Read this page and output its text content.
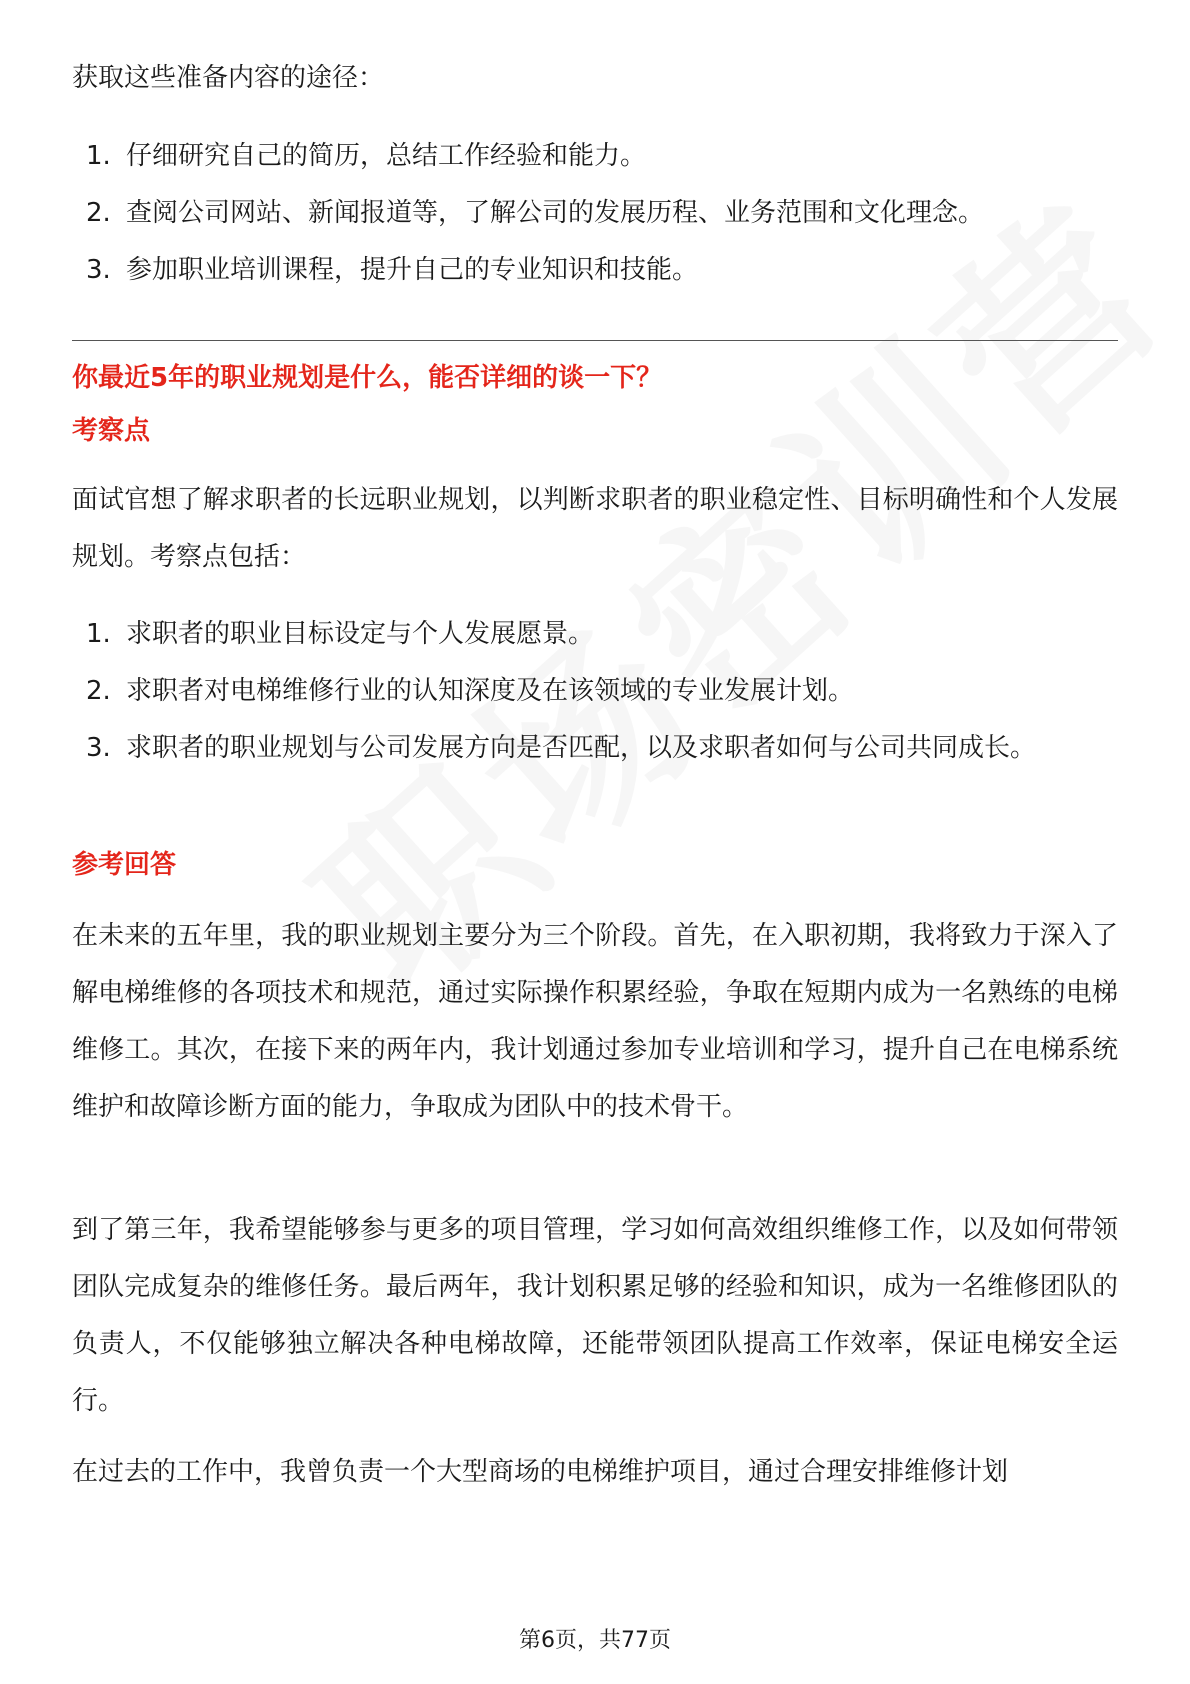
获取这些准备内容的途径：

1. 仔细研究自己的简历，总结工作经验和能力。
2. 查阅公司网站、新闻报道等，了解公司的发展历程、业务范围和文化理念。
3. 参加职业培训课程，提升自己的专业知识和技能。

你最近5年的职业规划是什么，能否详细的谈一下？

考察点

面试官想了解求职者的长远职业规划，以判断求职者的职业稳定性、目标明确性和个人发展规划。考察点包括：

1. 求职者的职业目标设定与个人发展愿景。
2. 求职者对电梯维修行业的认知深度及在该领域的专业发展计划。
3. 求职者的职业规划与公司发展方向是否匹配，以及求职者如何与公司共同成长。

参考回答

在未来的五年里，我的职业规划主要分为三个阶段。首先，在入职初期，我将致力于深入了解电梯维修的各项技术和规范，通过实际操作积累经验，争取在短期内成为一名熟练的电梯维修工。其次，在接下来的两年内，我计划通过参加专业培训和学习，提升自己在电梯系统维护和故障诊断方面的能力，争取成为团队中的技术骨干。

到了第三年，我希望能够参与更多的项目管理，学习如何高效组织维修工作，以及如何带领团队完成复杂的维修任务。最后两年，我计划积累足够的经验和知识，成为一名维修团队的负责人，不仅能够独立解决各种电梯故障，还能带领团队提高工作效率，保证电梯安全运行。

在过去的工作中，我曾负责一个大型商场的电梯维护项目，通过合理安排维修计划

第6页，共77页
